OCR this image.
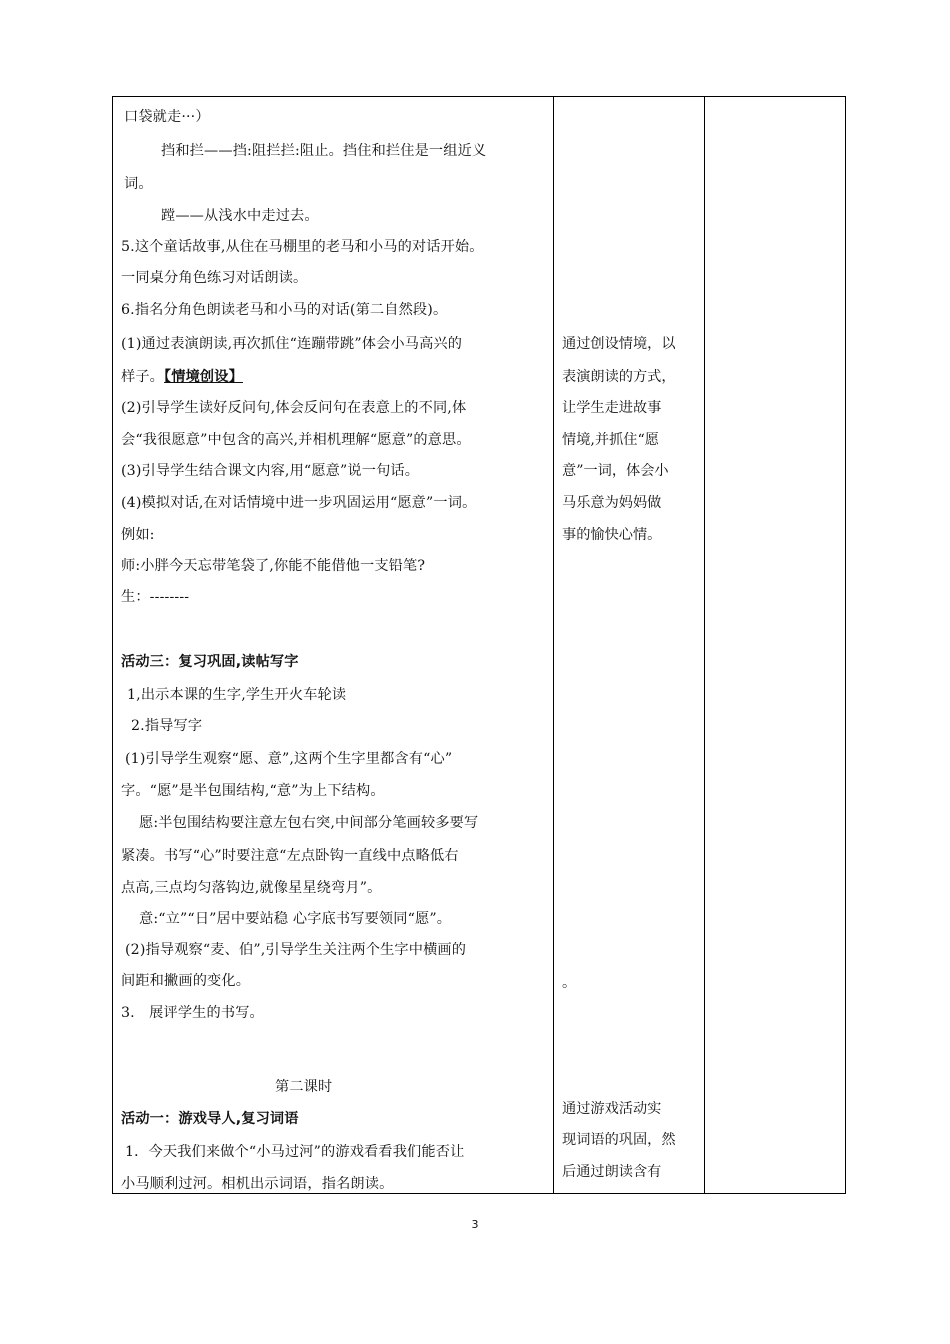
口袋就走···）
挡和拦——挡:阻拦拦:阻止。挡住和拦住是一组近义
词。
蹚——从浅水中走过去。
5.这个童话故事,从住在马棚里的老马和小马的对话开始。
一同桌分角色练习对话朗读。
6.指名分角色朗读老马和小马的对话(第二自然段)。
(1)通过表演朗读,再次抓住“连蹦带跳”体会小马高兴的
样子。【情境创设】
(2)引导学生读好反问句,体会反问句在表意上的不同,体
会“我很愿意”中包含的高兴,并相机理解“愿意”的意思。
(3)引导学生结合课文内容,用“愿意”说一句话。
(4)模拟对话,在对话情境中进一步巩固运用“愿意”一词。
例如:
师:小胖今天忘带笔袋了,你能不能借他一支铅笔?
生：--------
活动三：复习巩固,读帖写字
1,出示本课的生字,学生开火车轮读
2.指导写字
(1)引导学生观察“愿、意”,这两个生字里都含有“心”
字。“愿”是半包围结构,“意”为上下结构。
愿:半包围结构要注意左包右突,中间部分笔画较多要写
紧凑。书写“心”时要注意“左点卧钩一直线中点略低右
点高,三点均匀落钩边,就像星星绕弯月”。
意:“立”“日”居中要站稳 心字底书写要领同“愿”。
(2)指导观察“麦、伯”,引导学生关注两个生字中横画的
间距和撇画的变化。
3.　展评学生的书写。
第二课时
活动一：游戏导人,复习词语
1．今天我们来做个“小马过河”的游戏看看我们能否让
小马顺利过河。相机出示词语，指名朗读。
通过创设情境，以
表演朗读的方式，
让学生走进故事
情境,并抓住“愿
意”一词，体会小
马乐意为妈妈做
事的愉快心情。
。
通过游戏活动实
现词语的巩固，然
后通过朗读含有
3
